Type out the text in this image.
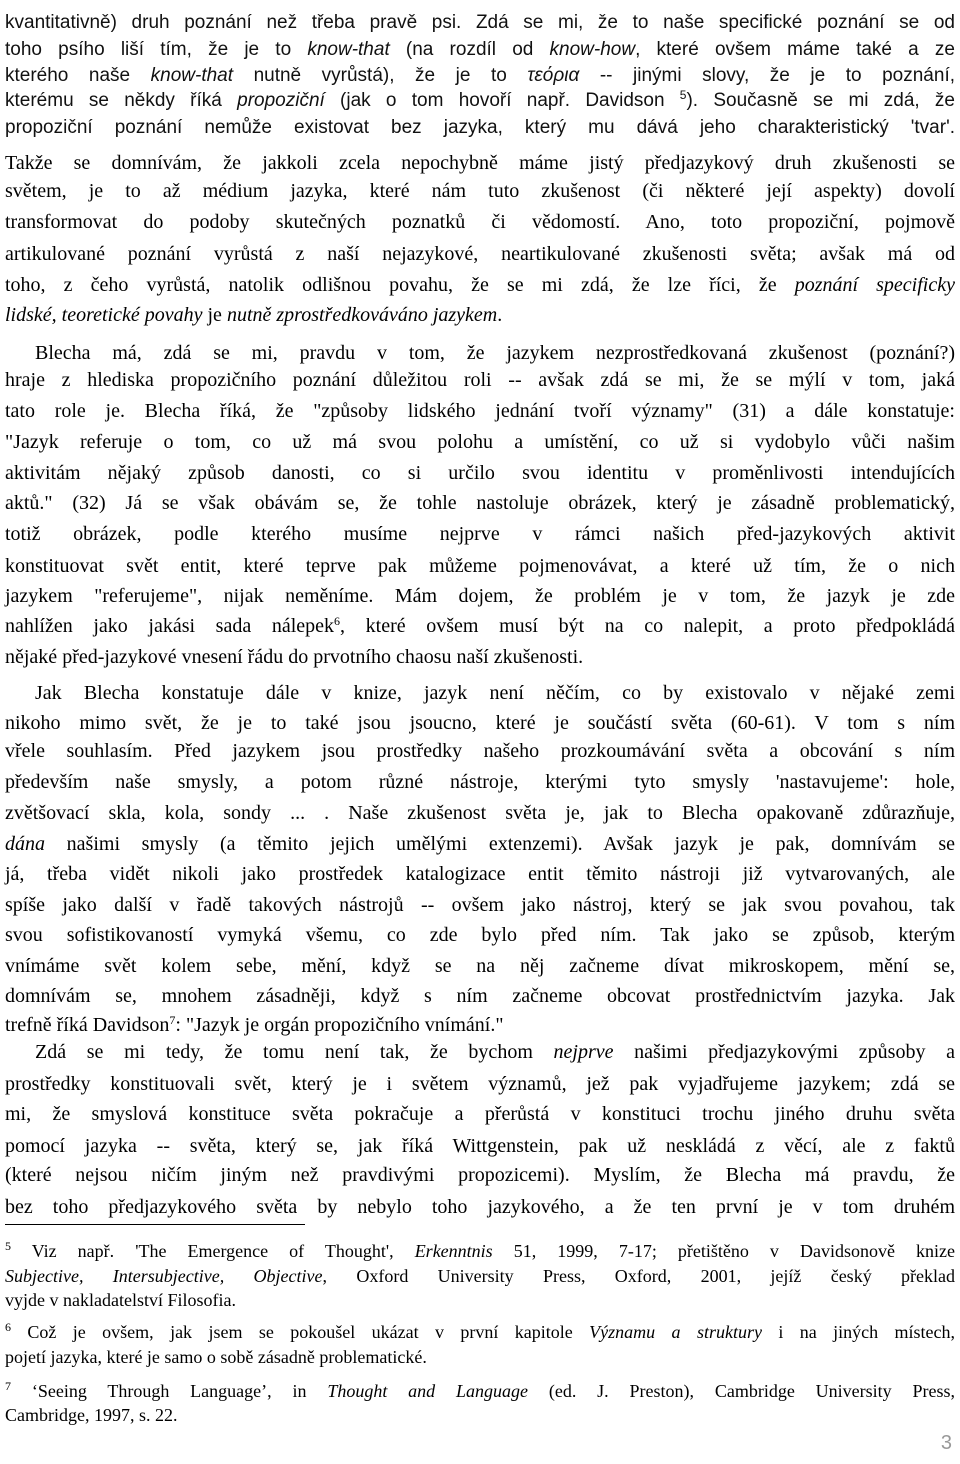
kvantitativně) druh poznání než třeba pravě psi. Zdá se mi, že to naše specifické poznání se od
toho psího liší tím, že je to know-that (na rozdíl od know-how, které ovšem máme také a ze
kterého naše know-that nutně vyrůstá), že je to τεόρια -- jinými slovy, že je to poznání,
kterému se někdy říká propoziční (jak o tom hovoří např. Davidson $^5$). Současně se mi zdá, že
propoziční poznání nemůže existovat bez jazyka, který mu dává jeho charakteristický 'tvar'.
Takže se domnívám, že jakkoli zcela nepochybně máme jistý předjazykový druh zkušenosti se
světem, je to až médium jazyka, které nám tuto zkušenost (či některé její aspekty) dovolí
transformovat do podoby skutečných poznatků či vědomostí. Ano, toto propoziční, pojmově
artikulované poznání vyrůstá z naší nejazykové, neartikulované zkušenosti světa; avšak má od
toho, z čeho vyrůstá, natolik odlišnou povahu, že se mi zdá, že lze říci, že poznání specificky
lidské, teoretické povahy je nutně zprostředkováváno jazykem.
Blecha má, zdá se mi, pravdu v tom, že jazykem nezprostředkovaná zkušenost (poznání?)
hraje z hlediska propozičního poznání důležitou roli -- avšak zdá se mi, že se mýlí v tom, jaká
tato role je. Blecha říká, že "způsoby lidského jednání tvoří významy" (31) a dále konstatuje:
"Jazyk referuje o tom, co už má svou polohu a umístění, co už si vydobylo vůči našim
aktivitám nějaký způsob danosti, co si určilo svou identitu v proměnlivosti intendujících
aktů." (32) Já se však obávám se, že tohle nastoluje obrázek, který je zásadně problematický,
totiž obrázek, podle kterého musíme nejprve v rámci našich před-jazykových aktivit
konstituovat svět entit, které teprve pak můžeme pojmenovávat, a které už tím, že o nich
jazykem "referujeme", nijak neměníme. Mám dojem, že problém je v tom, že jazyk je zde
nahlížen jako jakási sada nálepek$^6$, které ovšem musí být na co nalepit, a proto předpokládá
nějaké před-jazykové vnesení řádu do prvotního chaosu naší zkušenosti.
Jak Blecha konstatuje dále v knize, jazyk není něčím, co by existovalo v nějaké zemi
nikoho mimo svět, že je to také jsou jsoucno, které je součástí světa (60-61). V tom s ním
vřele souhlasím. Před jazykem jsou prostředky našeho prozkoumávání světa a obcování s ním
především naše smysly, a potom různé nástroje, kterými tyto smysly 'nastavujeme': hole,
zvětšovací skla, kola, sondy ... . Naše zkušenost světa je, jak to Blecha opakovaně zdůrazňuje,
dána našimi smysly (a těmito jejich umělými extenzemi). Avšak jazyk je pak, domnívám se
já, třeba vidět nikoli jako prostředek katalogizace entit těmito nástroji již vytvarovaných, ale
spíše jako další v řadě takových nástrojů -- ovšem jako nástroj, který se jak svou povahou, tak
svou sofistikovaností vymyká všemu, co zde bylo před ním. Tak jako se způsob, kterým
vnímáme svět kolem sebe, mění, když se na něj začneme dívat mikroskopem, mění se,
domnívám se, mnohem zásadněji, když s ním začneme obcovat prostřednictvím jazyka. Jak
trefně říká Davidson$^7$: "Jazyk je orgán propozičního vnímání."
Zdá se mi tedy, že tomu není tak, že bychom nejprve našimi předjazykovými způsoby a
prostředky konstituovali svět, který je i světem významů, jež pak vyjadřujeme jazykem; zdá se
mi, že smyslová konstituce světa pokračuje a přerůstá v konstituci trochu jiného druhu světa
pomocí jazyka -- světa, který se, jak říká Wittgenstein, pak už neskládá z věcí, ale z faktů
(které nejsou ničím jiným než pravdivými propozicemi). Myslím, že Blecha má pravdu, že
bez toho předjazykového světa by nebylo toho jazykového, a že ten první je v tom druhém
$^5$ Viz např. 'The Emergence of Thought', Erkenntnis 51, 1999, 7-17; přetištěno v Davidsonově knize
Subjective, Intersubjective, Objective, Oxford University Press, Oxford, 2001, jejíž český překlad
vyjde v nakladatelství Filosofia.
$^6$ Což je ovšem, jak jsem se pokoušel ukázat v první kapitole Významu a struktury i na jiných místech,
pojetí jazyka, které je samo o sobě zásadně problematické.
$^7$ ‘Seeing Through Language’, in Thought and Language (ed. J. Preston), Cambridge University Press,
Cambridge, 1997, s. 22.
3
